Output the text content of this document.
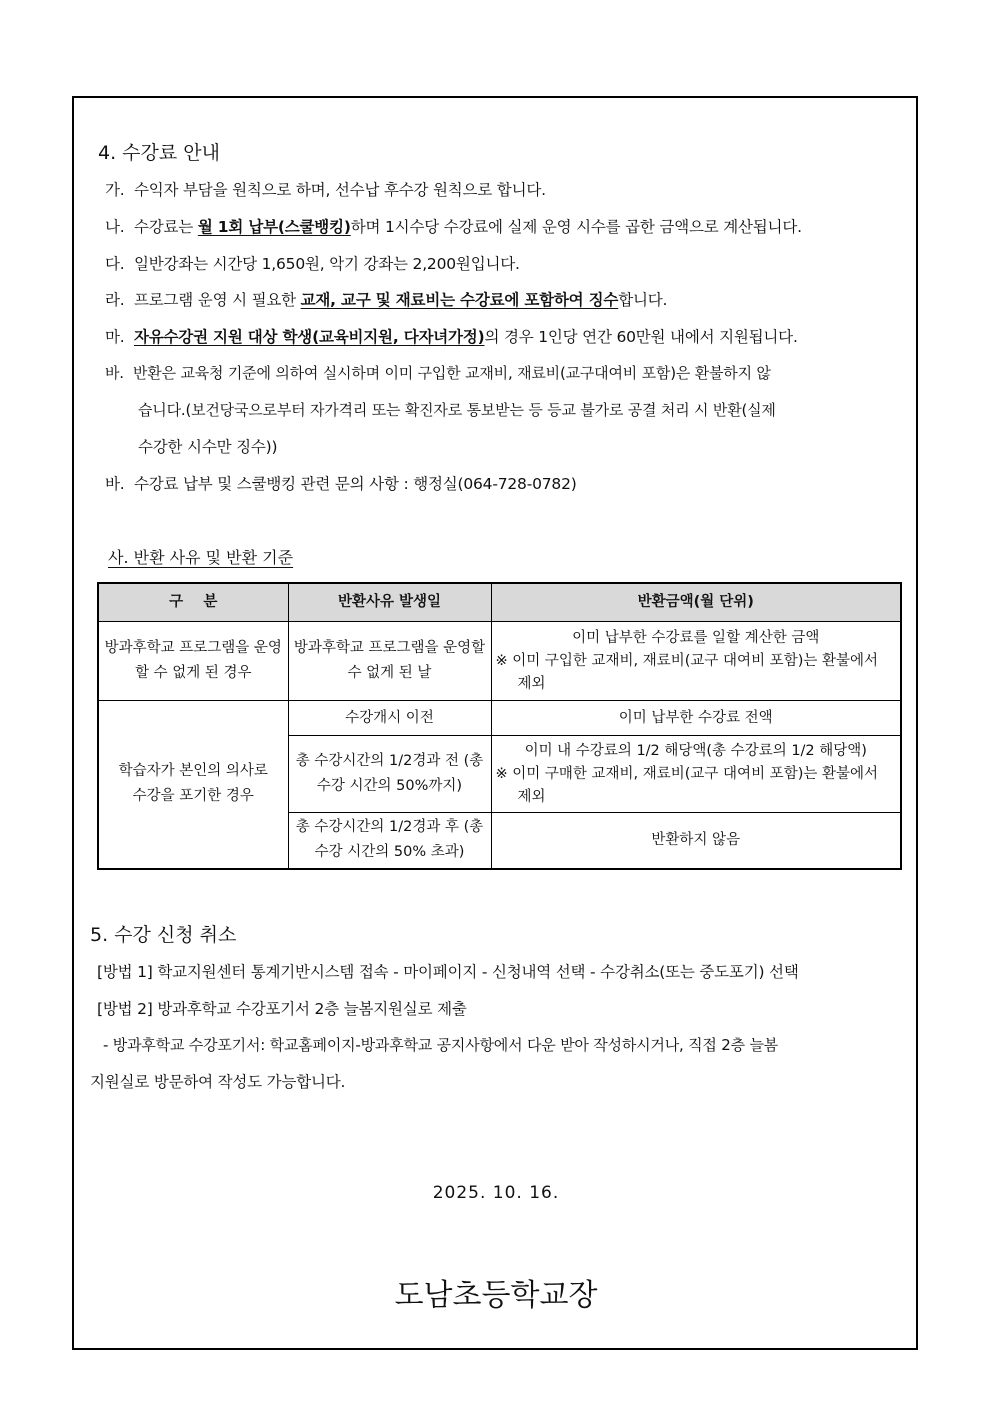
4. 수강료 안내
가. 수익자 부담을 원칙으로 하며, 선수납 후수강 원칙으로 합니다.
나. 수강료는 월 1회 납부(스쿨뱅킹)하며 1시수당 수강료에 실제 운영 시수를 곱한 금액으로 계산됩니다.
다. 일반강좌는 시간당 1,650원, 악기 강좌는 2,200원입니다.
라. 프로그램 운영 시 필요한 교재, 교구 및 재료비는 수강료에 포함하여 징수합니다.
마. 자유수강권 지원 대상 학생(교육비지원, 다자녀가정)의 경우 1인당 연간 60만원 내에서 지원됩니다.
바. 반환은 교육청 기준에 의하여 실시하며 이미 구입한 교재비, 재료비(교구대여비 포함)은 환불하지 않
습니다.(보건당국으로부터 자가격리 또는 확진자로 통보받는 등 등교 불가로 공결 처리 시 반환(실제
수강한 시수만 징수))
바. 수강료 납부 및 스쿨뱅킹 관련 문의 사항 : 행정실(064-728-0782)
사. 반환 사유 및 반환 기준
구    분	반환사유 발생일	반환금액(월 단위)
방과후학교 프로그램을 운영할 수 없게 된 경우	방과후학교 프로그램을 운영할 수 없게 된 날	이미 납부한 수강료를 일할 계산한 금액
※ 이미 구입한 교재비, 재료비(교구 대여비 포함)는 환불에서 제외

학습자가 본인의 의사로 수강을 포기한 경우	수강개시 이전	이미 납부한 수강료 전액
	총 수강시간의 1/2경과 전 (총 수강 시간의 50%까지)	이미 내 수강료의 1/2 해당액(총 수강료의 1/2 해당액)
※ 이미 구매한 교재비, 재료비(교구 대여비 포함)는 환불에서 제외

	총 수강시간의 1/2경과 후 (총 수강 시간의 50% 초과)	반환하지 않음
5. 수강 신청 취소
[방법 1] 학교지원센터 통계기반시스템 접속 - 마이페이지 - 신청내역 선택 - 수강취소(또는 중도포기) 선택
[방법 2] 방과후학교 수강포기서 2층 늘봄지원실로 제출
- 방과후학교 수강포기서: 학교홈페이지-방과후학교 공지사항에서 다운 받아 작성하시거나, 직접 2층 늘봄
지원실로 방문하여 작성도 가능합니다.
2025. 10. 16.
도남초등학교장
